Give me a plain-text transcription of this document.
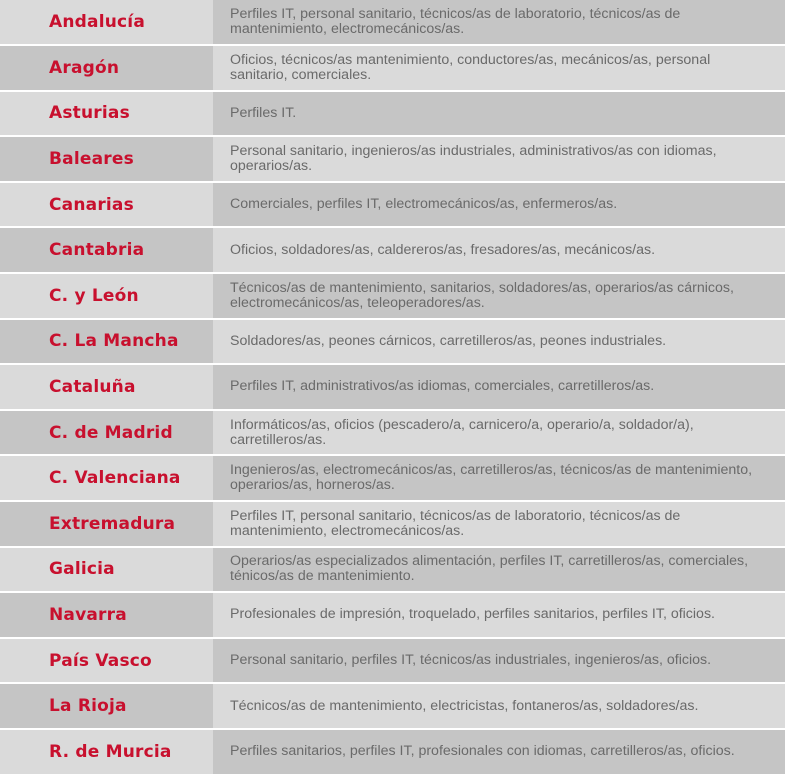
Andalucía	Perfiles IT, personal sanitario, técnicos/as de laboratorio, técnicos/as de mantenimiento, electromecánicos/as.
Aragón	Oficios, técnicos/as mantenimiento, conductores/as, mecánicos/as, personal sanitario, comerciales.
Asturias	Perfiles IT.
Baleares	Personal sanitario, ingenieros/as industriales, administrativos/as con idiomas, operarios/as.
Canarias	Comerciales, perfiles IT, electromecánicos/as, enfermeros/as.
Cantabria	Oficios, soldadores/as, caldereros/as, fresadores/as, mecánicos/as.
C. y León	Técnicos/as de mantenimiento, sanitarios, soldadores/as, operarios/as cárnicos, electromecánicos/as, teleoperadores/as.
C. La Mancha	Soldadores/as, peones cárnicos, carretilleros/as, peones industriales.
Cataluña	Perfiles IT, administrativos/as idiomas, comerciales, carretilleros/as.
C. de Madrid	Informáticos/as, oficios (pescadero/a, carnicero/a, operario/a, soldador/a), carretilleros/as.
C. Valenciana	Ingenieros/as, electromecánicos/as, carretilleros/as, técnicos/as de mantenimiento, operarios/as, horneros/as.
Extremadura	Perfiles IT, personal sanitario, técnicos/as de laboratorio, técnicos/as de mantenimiento, electromecánicos/as.
Galicia	Operarios/as especializados alimentación, perfiles IT, carretilleros/as, comerciales, ténicos/as de mantenimiento.
Navarra	Profesionales de impresión, troquelado, perfiles sanitarios, perfiles IT, oficios.
País Vasco	Personal sanitario, perfiles IT, técnicos/as industriales, ingenieros/as, oficios.
La Rioja	Técnicos/as de mantenimiento, electricistas, fontaneros/as, soldadores/as.
R. de Murcia	Perfiles sanitarios, perfiles IT, profesionales con idiomas, carretilleros/as, oficios.
